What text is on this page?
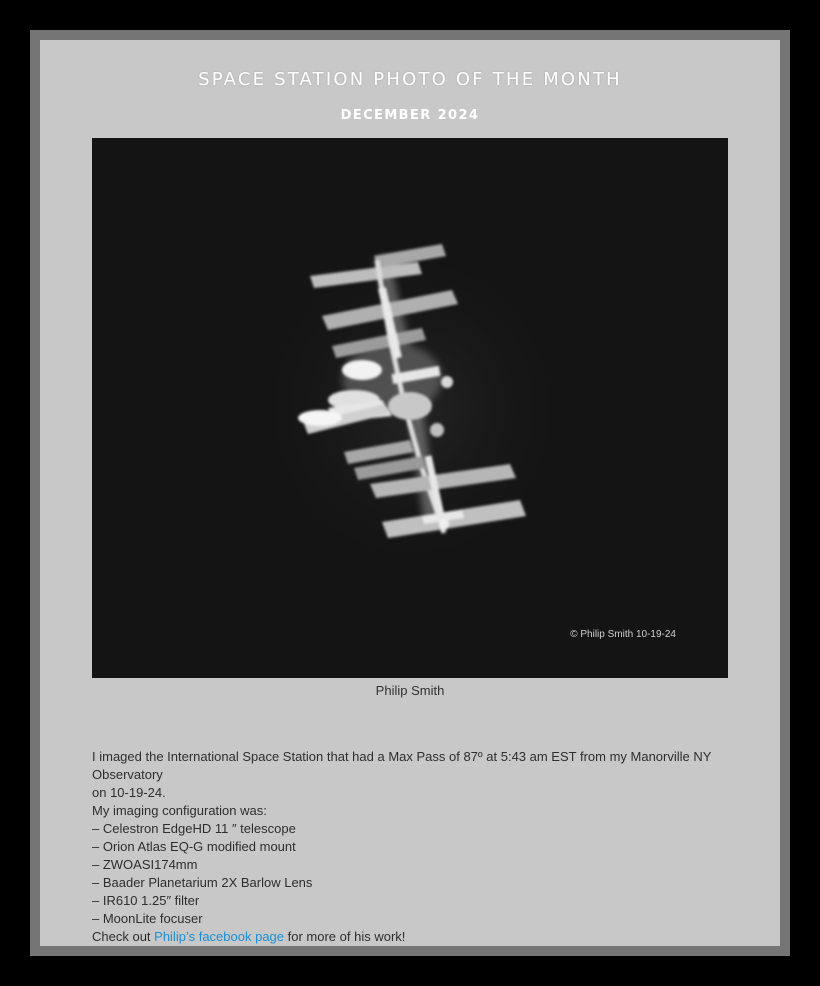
SPACE STATION PHOTO OF THE MONTH
DECEMBER 2024
© Philip Smith 10-19-24
Philip Smith

I imaged the International Space Station that had a Max Pass of 87º at 5:43 am EST from my Manorville NY Observatory

on 10-19-24.

My imaging configuration was:

– Celestron EdgeHD 11 ″ telescope

– Orion Atlas EQ-G modified mount

– ZWOASI174mm

– Baader Planetarium 2X Barlow Lens

– IR610 1.25″ filter

– MoonLite focuser

Check out Philip’s facebook page for more of his work!
